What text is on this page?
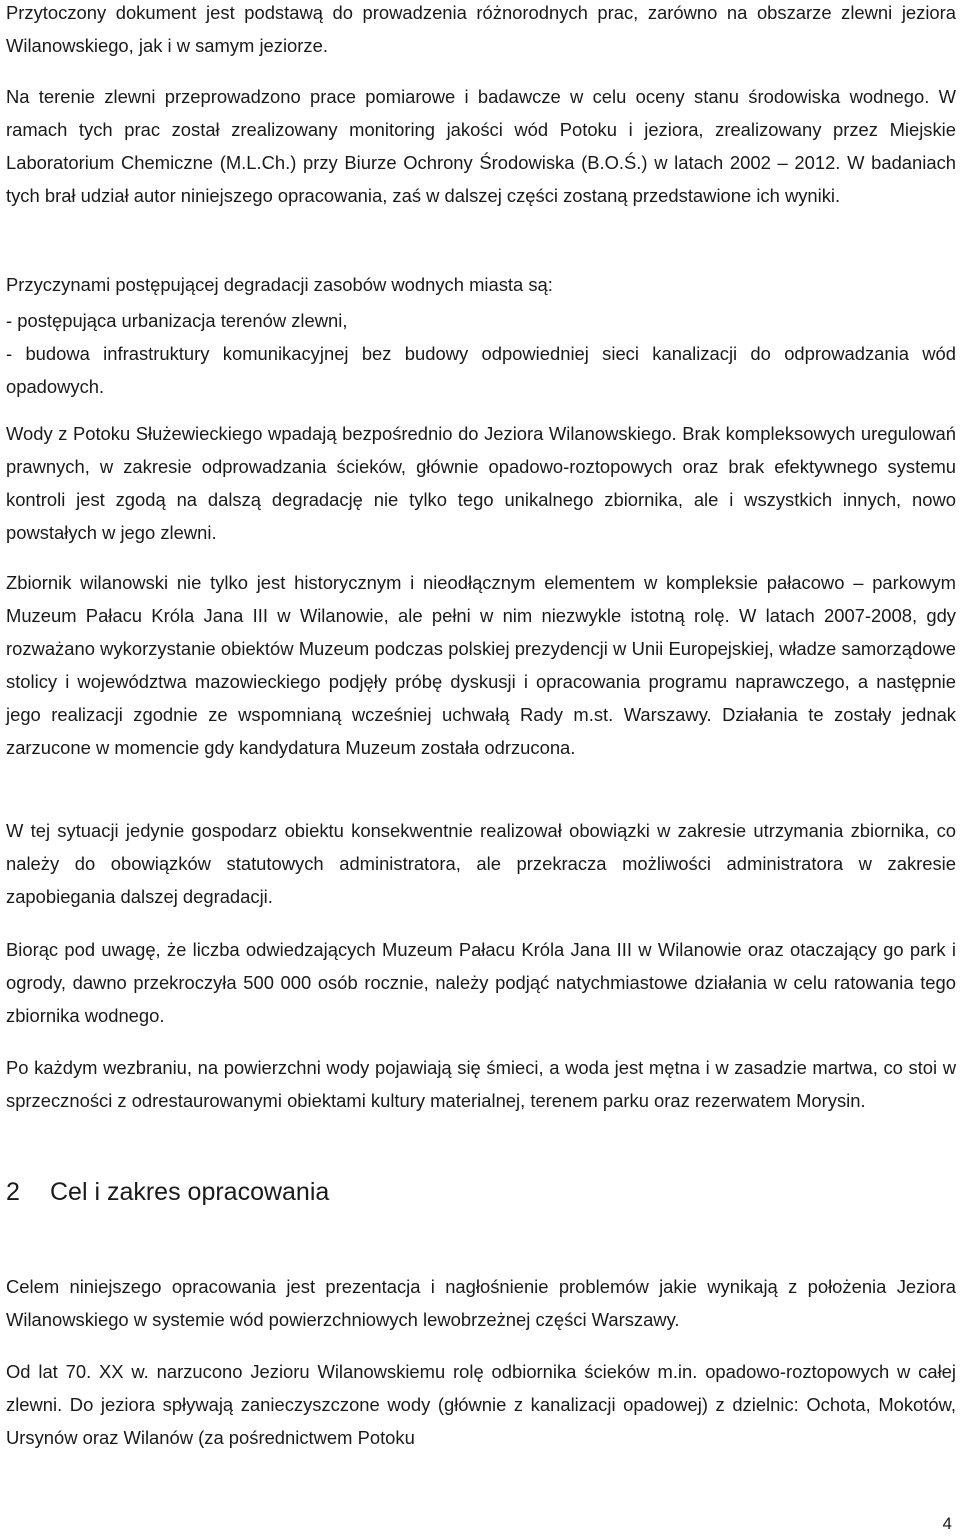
Przytoczony dokument jest podstawą do prowadzenia różnorodnych prac, zarówno na obszarze zlewni jeziora Wilanowskiego, jak i w samym jeziorze.

Na terenie zlewni przeprowadzono prace pomiarowe i badawcze w celu oceny stanu środowiska wodnego. W ramach tych prac został zrealizowany monitoring jakości wód Potoku i jeziora, zrealizowany przez Miejskie Laboratorium Chemiczne (M.L.Ch.) przy Biurze Ochrony Środowiska (B.O.Ś.) w latach 2002 – 2012. W badaniach tych brał udział autor niniejszego opracowania, zaś w dalszej części zostaną przedstawione ich wyniki.

Przyczynami postępującej degradacji zasobów wodnych miasta są:

- postępująca urbanizacja terenów zlewni,

- budowa infrastruktury komunikacyjnej bez budowy odpowiedniej sieci kanalizacji do odprowadzania wód opadowych.

Wody z Potoku Służewieckiego wpadają bezpośrednio do Jeziora Wilanowskiego. Brak kompleksowych uregulowań prawnych, w zakresie odprowadzania ścieków, głównie opadowo-roztopowych oraz brak efektywnego systemu kontroli jest zgodą na dalszą degradację nie tylko tego unikalnego zbiornika, ale i wszystkich innych, nowo powstałych w jego zlewni.

Zbiornik wilanowski nie tylko jest historycznym i nieodłącznym elementem w kompleksie pałacowo – parkowym Muzeum Pałacu Króla Jana III w Wilanowie, ale pełni w nim niezwykle istotną rolę. W latach 2007-2008, gdy rozważano wykorzystanie obiektów Muzeum podczas polskiej prezydencji w Unii Europejskiej, władze samorządowe stolicy i województwa mazowieckiego podjęły próbę dyskusji i opracowania programu naprawczego, a następnie jego realizacji zgodnie ze wspomnianą wcześniej uchwałą Rady m.st. Warszawy. Działania te zostały jednak zarzucone w momencie gdy kandydatura Muzeum została odrzucona.

W tej sytuacji jedynie gospodarz obiektu konsekwentnie realizował obowiązki w zakresie utrzymania zbiornika, co należy do obowiązków statutowych administratora, ale przekracza możliwości administratora w zakresie zapobiegania dalszej degradacji.

Biorąc pod uwagę, że liczba odwiedzających Muzeum Pałacu Króla Jana III w Wilanowie oraz otaczający go park i ogrody, dawno przekroczyła 500 000 osób rocznie, należy podjąć natychmiastowe działania w celu ratowania tego zbiornika wodnego.

Po każdym wezbraniu, na powierzchni wody pojawiają się śmieci, a woda jest mętna i w zasadzie martwa, co stoi w sprzeczności z odrestaurowanymi obiektami kultury materialnej, terenem parku oraz rezerwatem Morysin.

2 Cel i zakres opracowania

Celem niniejszego opracowania jest prezentacja i nagłośnienie problemów jakie wynikają z położenia Jeziora Wilanowskiego w systemie wód powierzchniowych lewobrzeżnej części Warszawy.

Od lat 70. XX w. narzucono Jezioru Wilanowskiemu rolę odbiornika ścieków m.in. opadowo-roztopowych w całej zlewni. Do jeziora spływają zanieczyszczone wody (głównie z kanalizacji opadowej) z dzielnic: Ochota, Mokotów, Ursynów oraz Wilanów (za pośrednictwem Potoku

4
